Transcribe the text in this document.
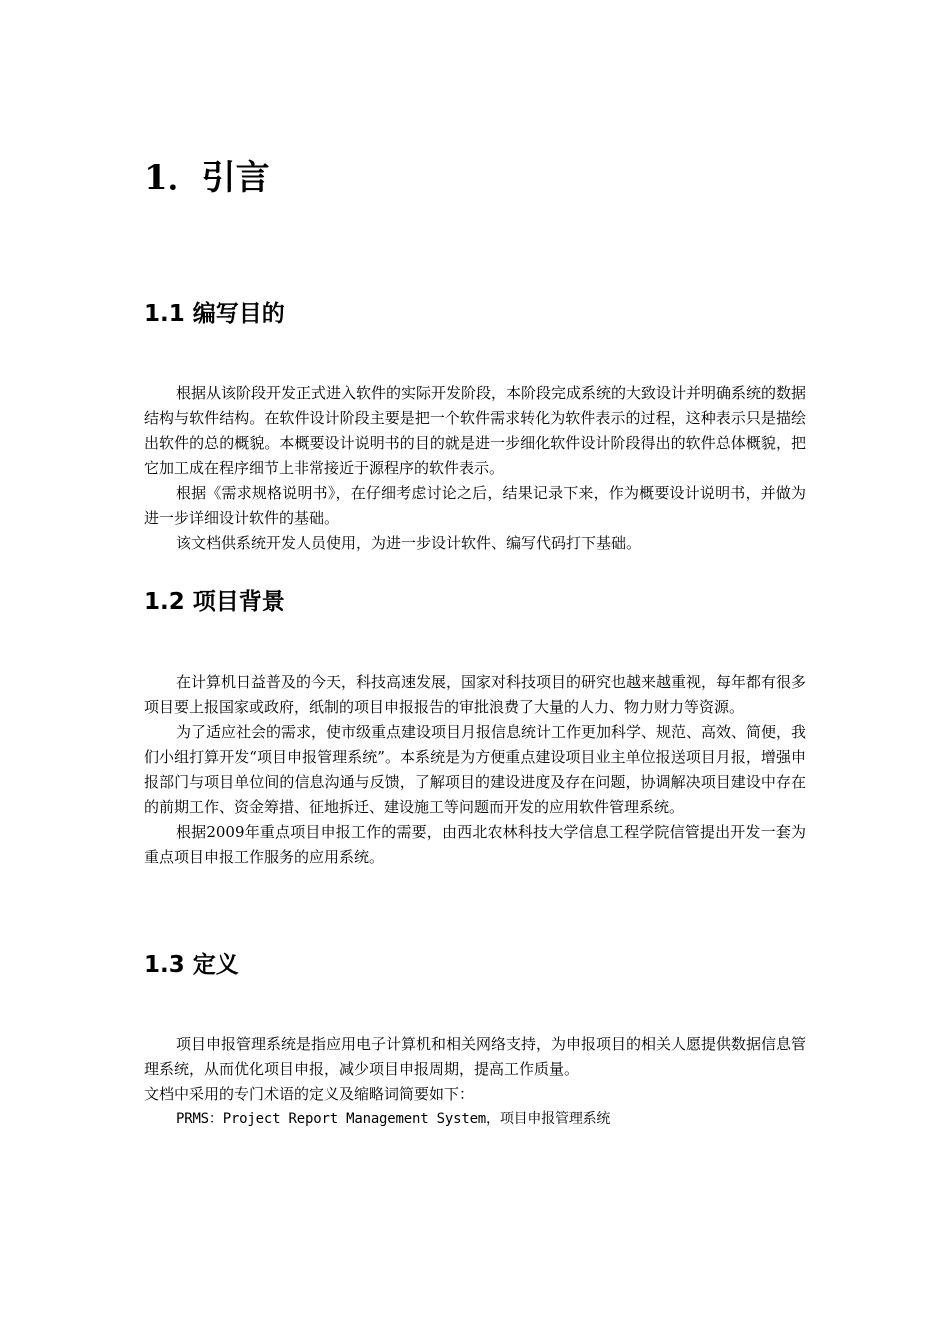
1．引言
1.1 编写目的

根据从该阶段开发正式进入软件的实际开发阶段，本阶段完成系统的大致设计并明确系统的数据结构与软件结构。在软件设计阶段主要是把一个软件需求转化为软件表示的过程，这种表示只是描绘出软件的总的概貌。本概要设计说明书的目的就是进一步细化软件设计阶段得出的软件总体概貌，把它加工成在程序细节上非常接近于源程序的软件表示。

根据《需求规格说明书》，在仔细考虑讨论之后，结果记录下来，作为概要设计说明书，并做为进一步详细设计软件的基础。

该文档供系统开发人员使用，为进一步设计软件、编写代码打下基础。

1.2 项目背景

在计算机日益普及的今天，科技高速发展，国家对科技项目的研究也越来越重视，每年都有很多项目要上报国家或政府，纸制的项目申报报告的审批浪费了大量的人力、物力财力等资源。

为了适应社会的需求，使市级重点建设项目月报信息统计工作更加科学、规范、高效、简便，我们小组打算开发“项目申报管理系统”。本系统是为方便重点建设项目业主单位报送项目月报，增强申报部门与项目单位间的信息沟通与反馈，了解项目的建设进度及存在问题，协调解决项目建设中存在的前期工作、资金筹措、征地拆迁、建设施工等问题而开发的应用软件管理系统。

根据2009年重点项目申报工作的需要，由西北农林科技大学信息工程学院信管提出开发一套为重点项目申报工作服务的应用系统。

1.3 定义

项目申报管理系统是指应用电子计算机和相关网络支持，为申报项目的相关人愿提供数据信息管理系统，从而优化项目申报，减少项目申报周期，提高工作质量。

文档中采用的专门术语的定义及缩略词简要如下：

PRMS：Project Report Management System，项目申报管理系统
